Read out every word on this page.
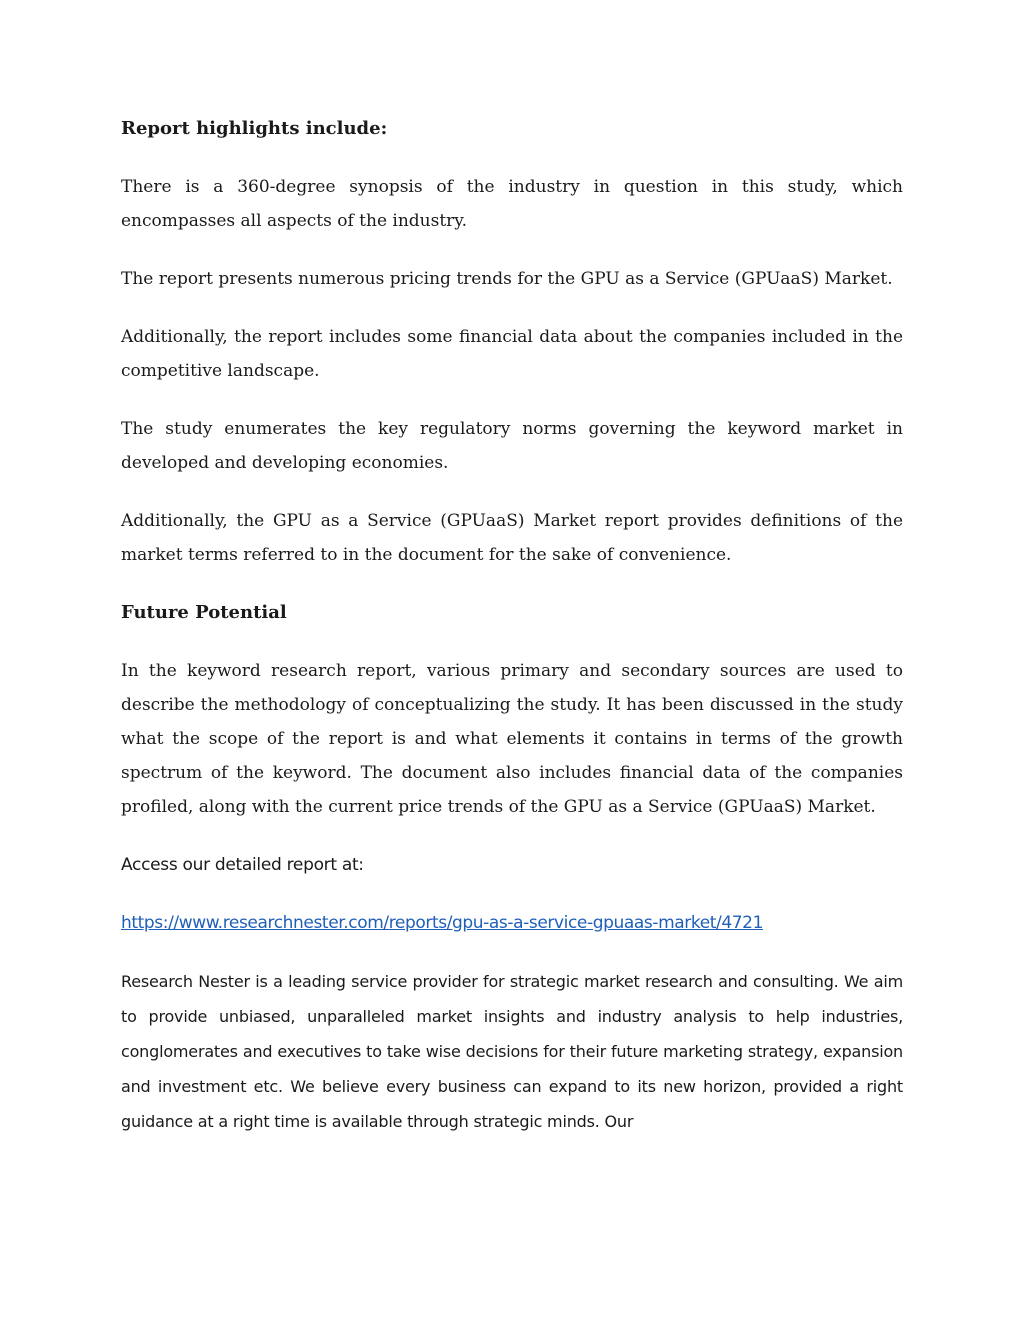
Report highlights include:

There is a 360-degree synopsis of the industry in question in this study, which encompasses all aspects of the industry.

The report presents numerous pricing trends for the GPU as a Service (GPUaaS) Market.

Additionally, the report includes some financial data about the companies included in the competitive landscape.

The study enumerates the key regulatory norms governing the keyword market in developed and developing economies.

Additionally, the GPU as a Service (GPUaaS) Market report provides definitions of the market terms referred to in the document for the sake of convenience.

Future Potential

In the keyword research report, various primary and secondary sources are used to describe the methodology of conceptualizing the study. It has been discussed in the study what the scope of the report is and what elements it contains in terms of the growth spectrum of the keyword. The document also includes financial data of the companies profiled, along with the current price trends of the GPU as a Service (GPUaaS) Market.

Access our detailed report at:
https://www.researchnester.com/reports/gpu-as-a-service-gpuaas-market/4721

Research Nester is a leading service provider for strategic market research and consulting. We aim to provide unbiased, unparalleled market insights and industry analysis to help industries, conglomerates and executives to take wise decisions for their future marketing strategy, expansion and investment etc. We believe every business can expand to its new horizon, provided a right guidance at a right time is available through strategic minds. Our
